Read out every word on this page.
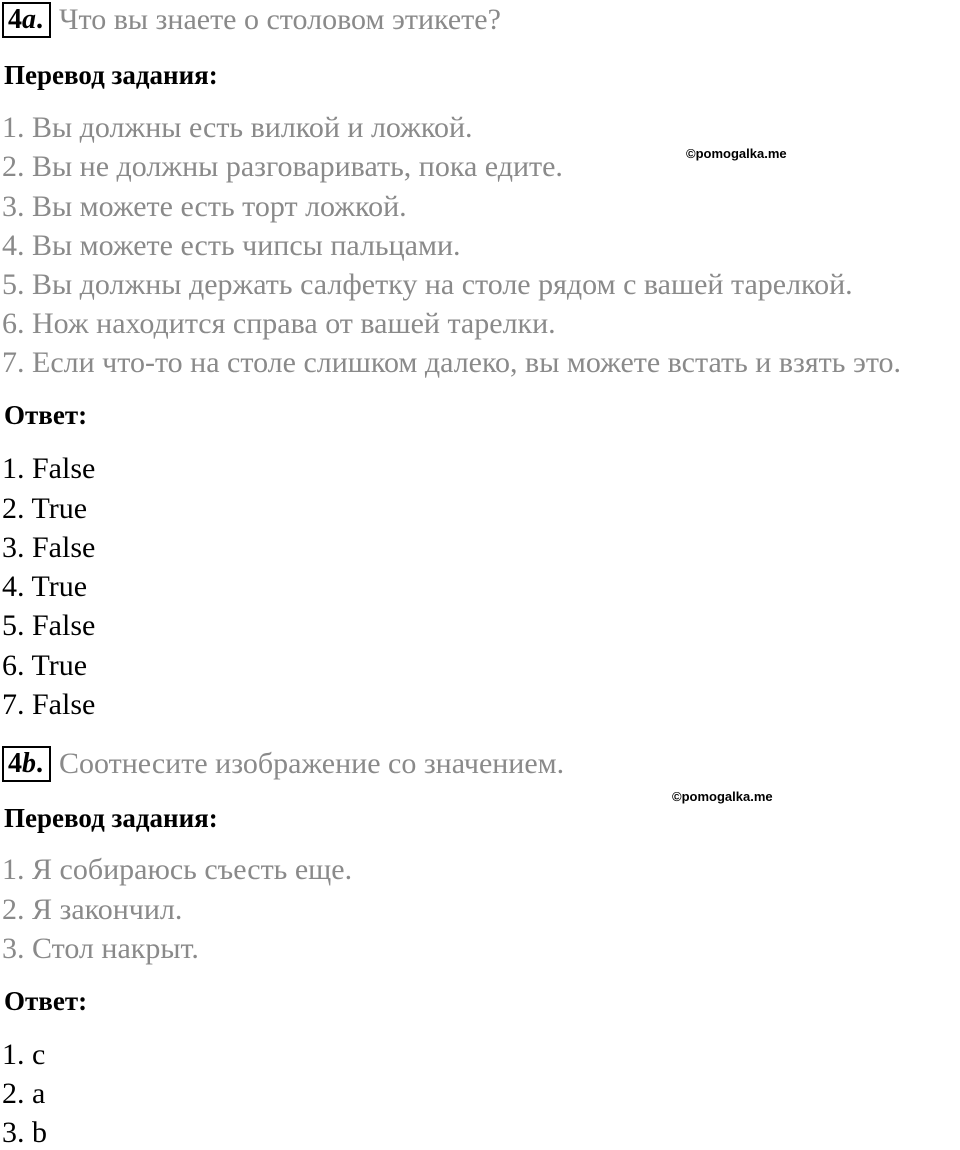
4a. Что вы знаете о столовом этикете?
Перевод задания:
1. Вы должны есть вилкой и ложкой.
2. Вы не должны разговаривать, пока едите.
3. Вы можете есть торт ложкой.
4. Вы можете есть чипсы пальцами.
5. Вы должны держать салфетку на столе рядом с вашей тарелкой.
6. Нож находится справа от вашей тарелки.
7. Если что-то на столе слишком далеко, вы можете встать и взять это.
Ответ:
1. False
2. True
3. False
4. True
5. False
6. True
7. False
4b. Соотнесите изображение со значением.
Перевод задания:
1. Я собираюсь съесть еще.
2. Я закончил.
3. Стол накрыт.
Ответ:
1. c
2. a
3. b
©pomogalka.me
©pomogalka.me
